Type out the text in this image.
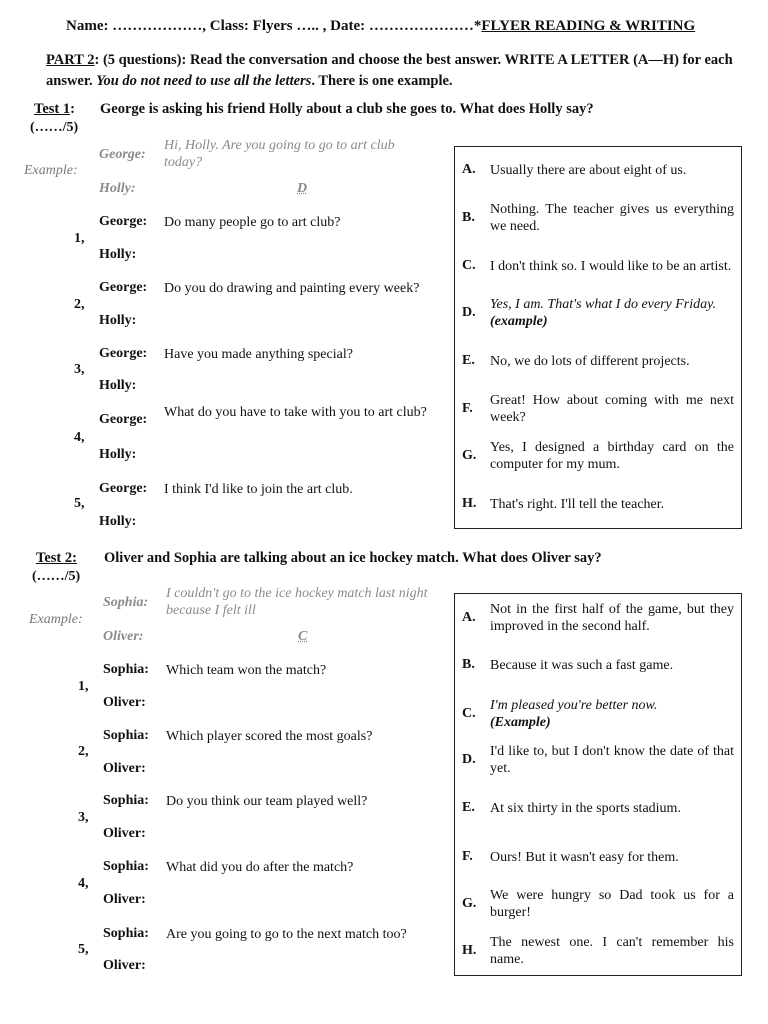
Name: ………………, Class: Flyers ….. , Date: …………………*FLYER READING & WRITING
PART 2: (5 questions): Read the conversation and choose the best answer. WRITE A LETTER (A—H) for each answer. You do not need to use all the letters. There is one example.
Test 1:
(……/5)
George is asking his friend Holly about a club she goes to. What does Holly say?
Example:
George:
Hi, Holly. Are you going to go to art club today?
Holly:	D
1,
George: Do many people go to art club?
Holly:
2,
George: Do you do drawing and painting every week?
Holly:
3,
George: Have you made anything special?
Holly:
4,
George: What do you have to take with you to art club?
Holly:
5,
George: I think I'd like to join the art club.
Holly:
A.	Usually there are about eight of us.
B.
Nothing. The teacher gives us everything we need.
C.	I don't think so. I would like to be an artist.
D.
Yes, I am. That's what I do every Friday.
(example)
E.	No, we do lots of different projects.
F.
Great! How about coming with me next week?
G.
Yes, I designed a birthday card on the computer for my mum.
H. That's right. I'll tell the teacher.
Test 2:
(……/5)
Oliver and Sophia are talking about an ice hockey match. What does Oliver say?
Example:
Sophia:
I couldn't go to the ice hockey match last night because I felt ill
Oliver:	C
1,
Sophia: Which team won the match?
Oliver:
2,
Sophia: Which player scored the most goals?
Oliver:
3,
Sophia: Do you think our team played well?
Oliver:
4,
Sophia: What did you do after the match?
Oliver:
5,
Sophia: Are you going to go to the next match too?
Oliver:
A.
Not in the first half of the game, but they improved in the second half.
B.	Because it was such a fast game.
C.
I'm pleased you're better now.
(Example)
D.
I'd like to, but I don't know the date of that yet.
E.	At six thirty in the sports stadium.
F.	Ours! But it wasn't easy for them.
G.
We were hungry so Dad took us for a burger!
H.
The newest one. I can't remember his name.
